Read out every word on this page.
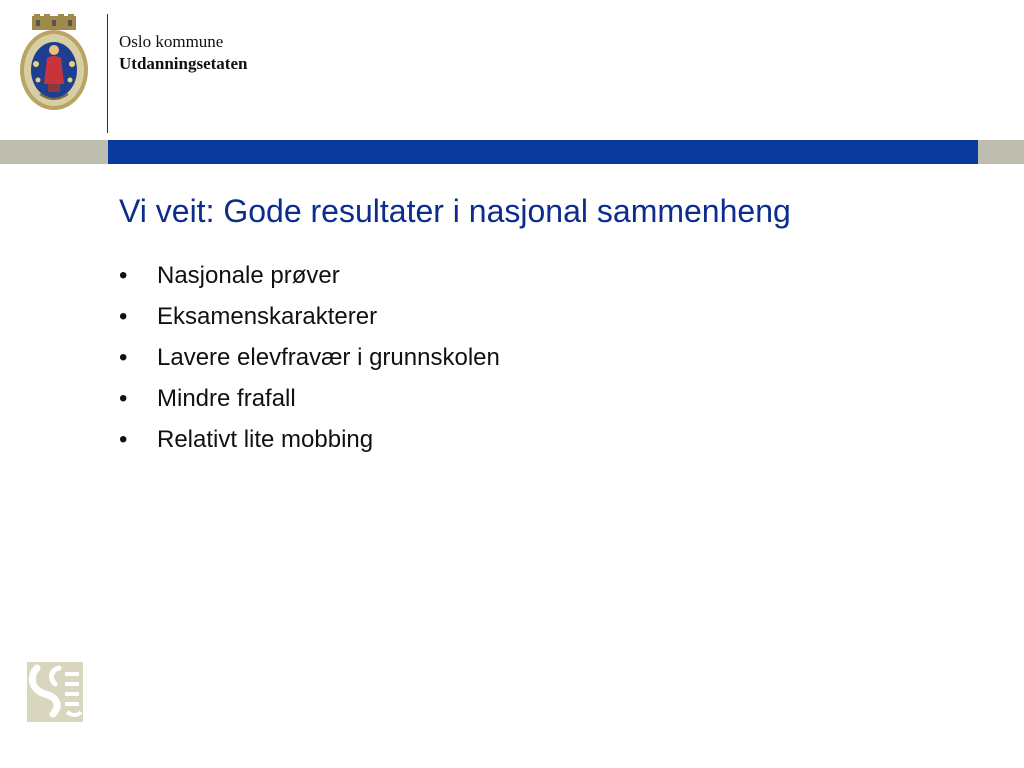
Oslo kommune
Utdanningsetaten
Vi veit: Gode resultater i nasjonal sammenheng
• Nasjonale prøver
• Eksamenskarakterer
• Lavere elevfravær i grunnskolen
• Mindre frafall
• Relativt lite mobbing
